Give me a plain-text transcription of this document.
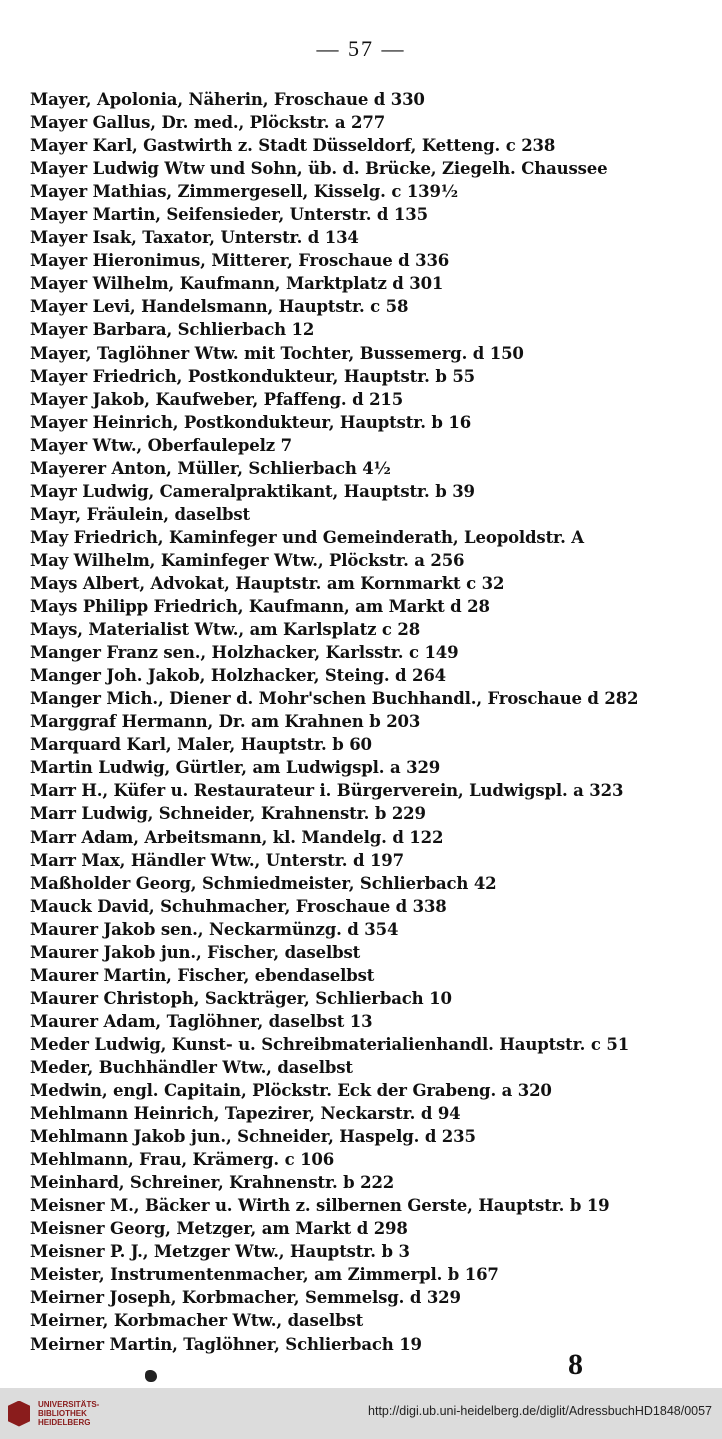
— 57 —
Mayer, Apolonia, Näherin, Froschaue d 330
Mayer Gallus, Dr. med., Plöckstr. a 277
Mayer Karl, Gastwirth z. Stadt Düsseldorf, Ketteng. c 238
Mayer Ludwig Wtw und Sohn, üb. d. Brücke, Ziegelh. Chaussee
Mayer Mathias, Zimmergesell, Kisselg. c 139½
Mayer Martin, Seifensieder, Unterstr. d 135
Mayer Isak, Taxator, Unterstr. d 134
Mayer Hieronimus, Mitterer, Froschaue d 336
Mayer Wilhelm, Kaufmann, Marktplatz d 301
Mayer Levi, Handelsmann, Hauptstr. c 58
Mayer Barbara, Schlierbach 12
Mayer, Taglöhner Wtw. mit Tochter, Bussemerg. d 150
Mayer Friedrich, Postkondukteur, Hauptstr. b 55
Mayer Jakob, Kaufweber, Pfaffeng. d 215
Mayer Heinrich, Postkondukteur, Hauptstr. b 16
Mayer Wtw., Oberfaulepelz 7
Mayerer Anton, Müller, Schlierbach 4½
Mayr Ludwig, Cameralpraktikant, Hauptstr. b 39
Mayr, Fräulein, daselbst
May Friedrich, Kaminfeger und Gemeinderath, Leopoldstr. A
May Wilhelm, Kaminfeger Wtw., Plöckstr. a 256
Mays Albert, Advokat, Hauptstr. am Kornmarkt c 32
Mays Philipp Friedrich, Kaufmann, am Markt d 28
Mays, Materialist Wtw., am Karlsplatz c 28
Manger Franz sen., Holzhacker, Karlsstr. c 149
Manger Joh. Jakob, Holzhacker, Steing. d 264
Manger Mich., Diener d. Mohr'schen Buchhandl., Froschaue d 282
Marggraf Hermann, Dr. am Krahnen b 203
Marquard Karl, Maler, Hauptstr. b 60
Martin Ludwig, Gürtler, am Ludwigspl. a 329
Marr H., Küfer u. Restaurateur i. Bürgerverein, Ludwigspl. a 323
Marr Ludwig, Schneider, Krahnenstr. b 229
Marr Adam, Arbeitsmann, kl. Mandelg. d 122
Marr Max, Händler Wtw., Unterstr. d 197
Maßholder Georg, Schmiedmeister, Schlierbach 42
Mauck David, Schuhmacher, Froschaue d 338
Maurer Jakob sen., Neckarmünzg. d 354
Maurer Jakob jun., Fischer, daselbst
Maurer Martin, Fischer, ebendaselbst
Maurer Christoph, Sackträger, Schlierbach 10
Maurer Adam, Taglöhner, daselbst 13
Meder Ludwig, Kunst- u. Schreibmaterialienhandl. Hauptstr. c 51
Meder, Buchhändler Wtw., daselbst
Medwin, engl. Capitain, Plöckstr. Eck der Grabeng. a 320
Mehlmann Heinrich, Tapezirer, Neckarstr. d 94
Mehlmann Jakob jun., Schneider, Haspelg. d 235
Mehlmann, Frau, Krämerg. c 106
Meinhard, Schreiner, Krahnenstr. b 222
Meisner M., Bäcker u. Wirth z. silbernen Gerste, Hauptstr. b 19
Meisner Georg, Metzger, am Markt d 298
Meisner P. J., Metzger Wtw., Hauptstr. b 3
Meister, Instrumentenmacher, am Zimmerpl. b 167
Meirner Joseph, Korbmacher, Semmelsg. d 329
Meirner, Korbmacher Wtw., daselbst
Meirner Martin, Taglöhner, Schlierbach 19
8
UNIVERSITÄTS-
BIBLIOTHEK
HEIDELBERG
http://digi.ub.uni-heidelberg.de/diglit/AdressbuchHD1848/0057
